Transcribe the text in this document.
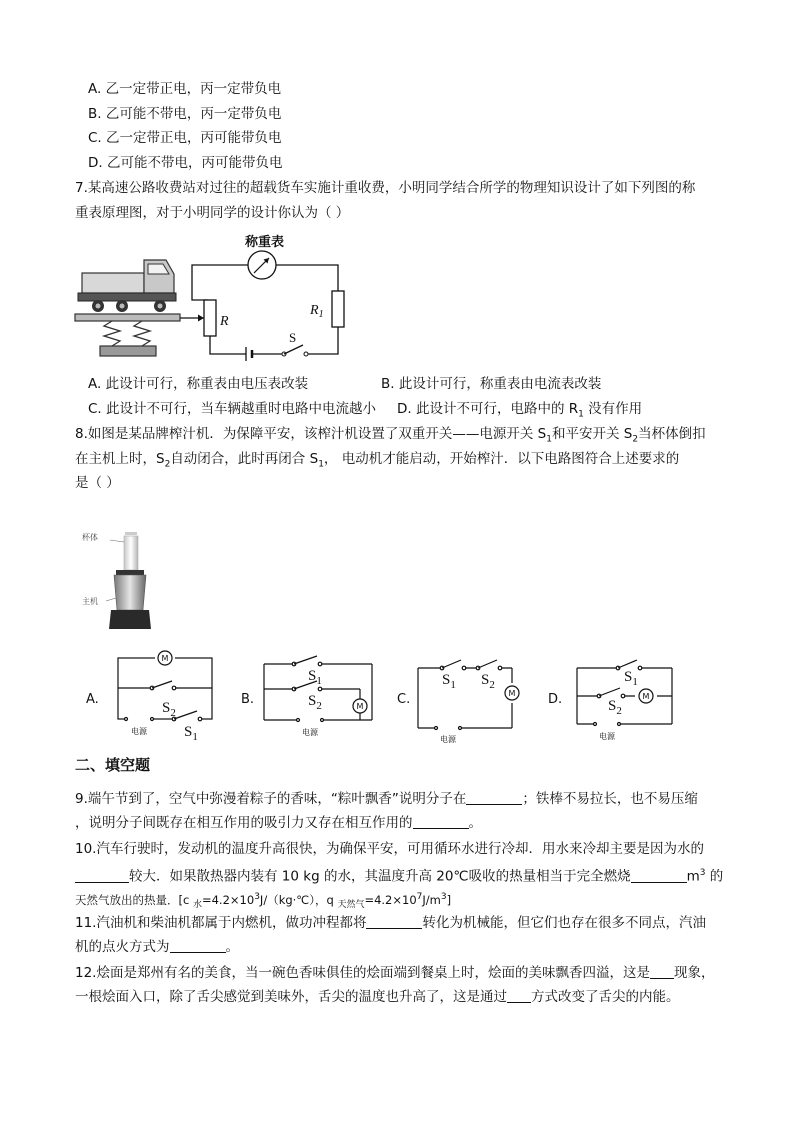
A. 乙一定带正电，丙一定带负电
B. 乙可能不带电，丙一定带负电
C. 乙一定带正电，丙可能带负电
D. 乙可能不带电，丙可能带负电
7.某高速公路收费站对过往的超载货车实施计重收费，小明同学结合所学的物理知识设计了如下列图的称
重表原理图，对于小明同学的设计你认为（ ）
称重表
R
$R_1$
S
A. 此设计可行，称重表由电压表改装	B. 此设计可行，称重表由电流表改装
C. 此设计不可行，当车辆越重时电路中电流越小 D. 此设计不可行，电路中的 $R_1$ 没有作用
8.如图是某品牌榨汁机．为保障平安，该榨汁机设置了双重开关——电源开关 $S_1$和平安开关 $S_2$当杯体倒扣
在主机上时，$S_2$自动闭合，此时再闭合 $S_1$， 电动机才能启动，开始榨汁．以下电路图符合上述要求的
是（ ）
杯体
主机
M
M
M	M
电源	电源
电源	电源
A.	B.	C.	D.
$S_2$
$S_1$
$S_1$
$S_2$
$S_1$ $S_2$	$S_1$
$S_2$
二、填空题
9.端午节到了，空气中弥漫着粽子的香味，“粽叶飘香”说明分子在	；铁棒不易拉长，也不易压缩
，说明分子间既存在相互作用的吸引力又存在相互作用的	。
10.汽车行驶时，发动机的温度升高很快，为确保平安，可用循环水进行冷却．用水来冷却主要是因为水的
较大．如果散热器内装有 10 kg 的水，其温度升高 20℃吸收的热量相当于完全燃烧	$m^3$ 的
天然气放出的热量．[c $_水=4.2\times 10^3J/(kg\cdot℃)$，q $_{天然气}=4.2\times 10^7J/m^3$]
11.汽油机和柴油机都属于内燃机，做功冲程都将	转化为机械能，但它们也存在很多不同点，汽油
机的点火方式为	。
12.烩面是郑州有名的美食，当一碗色香味俱佳的烩面端到餐桌上时，烩面的美味飘香四溢，这是 现象，
一根烩面入口，除了舌尖感觉到美味外，舌尖的温度也升高了，这是通过 方式改变了舌尖的内能。
